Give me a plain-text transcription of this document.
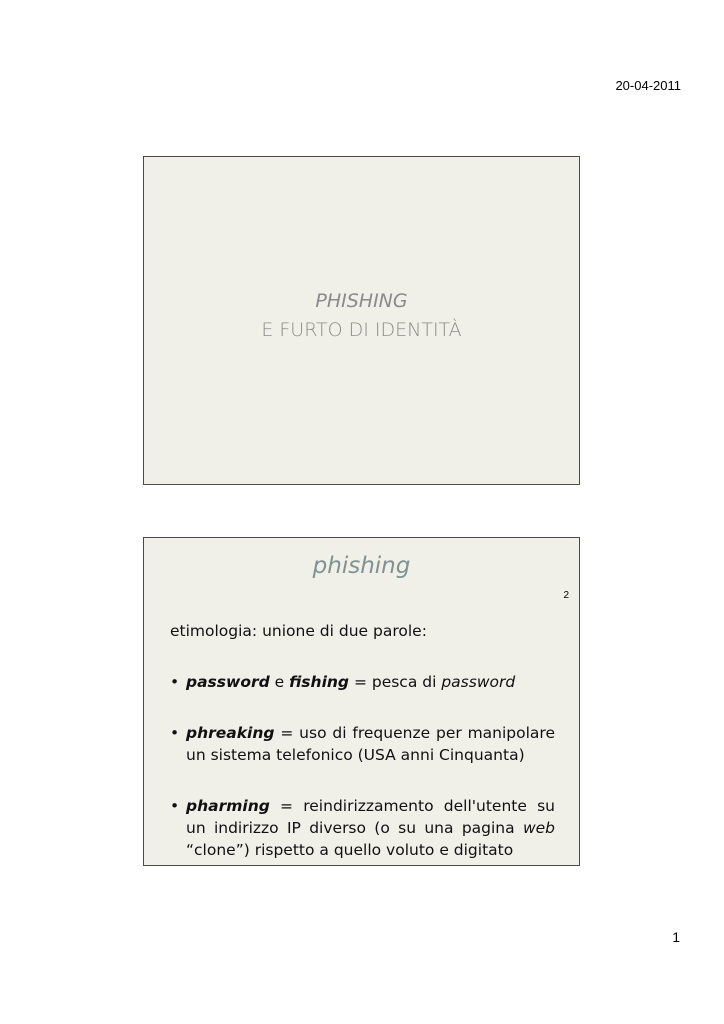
20-04-2011
PHISHING
E FURTO DI IDENTITÀ
phishing
2

etimologia: unione di due parole:

• password e fishing = pesca di password
• phreaking = uso di frequenze per manipolare un sistema telefonico (USA anni Cinquanta)
• pharming = reindirizzamento dell'utente su un indirizzo IP diverso (o su una pagina web “clone”) rispetto a quello voluto e digitato
1
